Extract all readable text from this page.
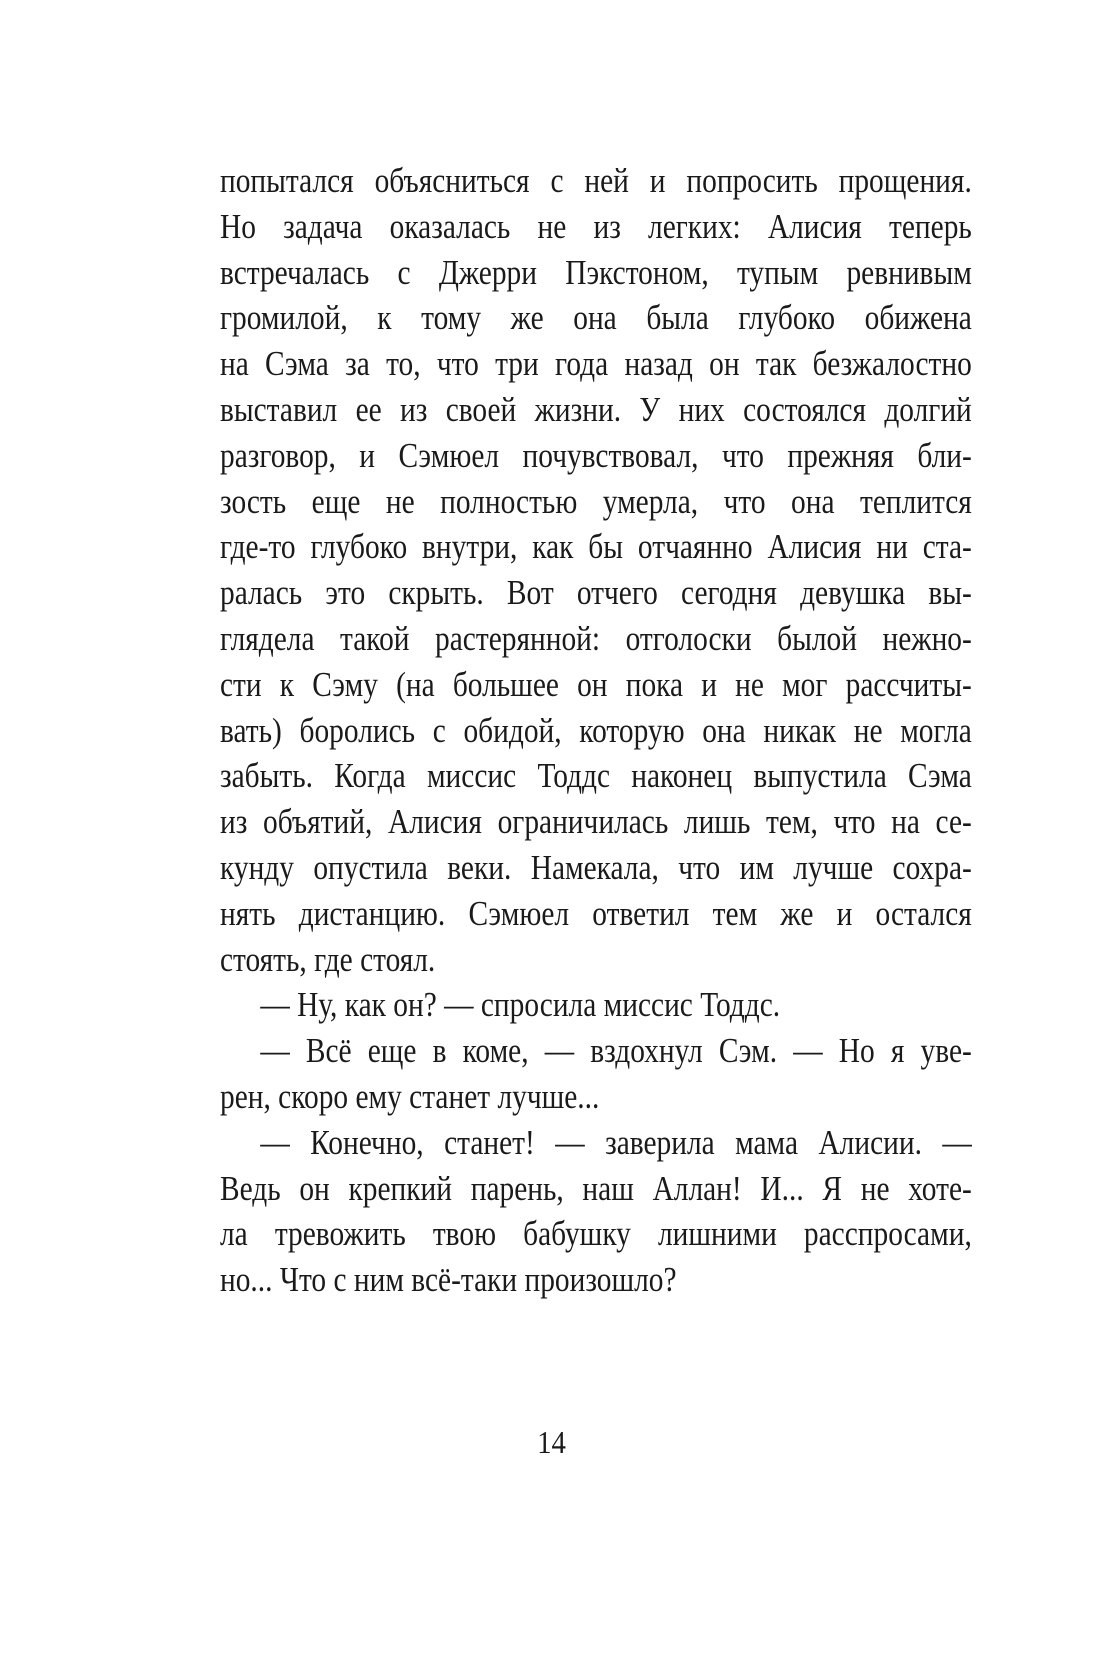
попытался объясниться с ней и попросить прощения.
Но задача оказалась не из легких: Алисия теперь
встречалась с Джерри Пэкстоном, тупым ревнивым
громилой, к тому же она была глубоко обижена
на Сэма за то, что три года назад он так безжалостно
выставил ее из своей жизни. У них состоялся долгий
разговор, и Сэмюел почувствовал, что прежняя бли-
зость еще не полностью умерла, что она теплится
где-то глубоко внутри, как бы отчаянно Алисия ни ста-
ралась это скрыть. Вот отчего сегодня девушка вы-
глядела такой растерянной: отголоски былой нежно-
сти к Сэму (на большее он пока и не мог рассчиты-
вать) боролись с обидой, которую она никак не могла
забыть. Когда миссис Тоддс наконец выпустила Сэма
из объятий, Алисия ограничилась лишь тем, что на се-
кунду опустила веки. Намекала, что им лучше сохра-
нять дистанцию. Сэмюел ответил тем же и остался
стоять, где стоял.
— Ну, как он? — спросила миссис Тоддс.
— Всё еще в коме, — вздохнул Сэм. — Но я уве-
рен, скоро ему станет лучше...
— Конечно, станет! — заверила мама Алисии. —
Ведь он крепкий парень, наш Аллан! И... Я не хоте-
ла тревожить твою бабушку лишними расспросами,
но... Что с ним всё-таки произошло?
14
